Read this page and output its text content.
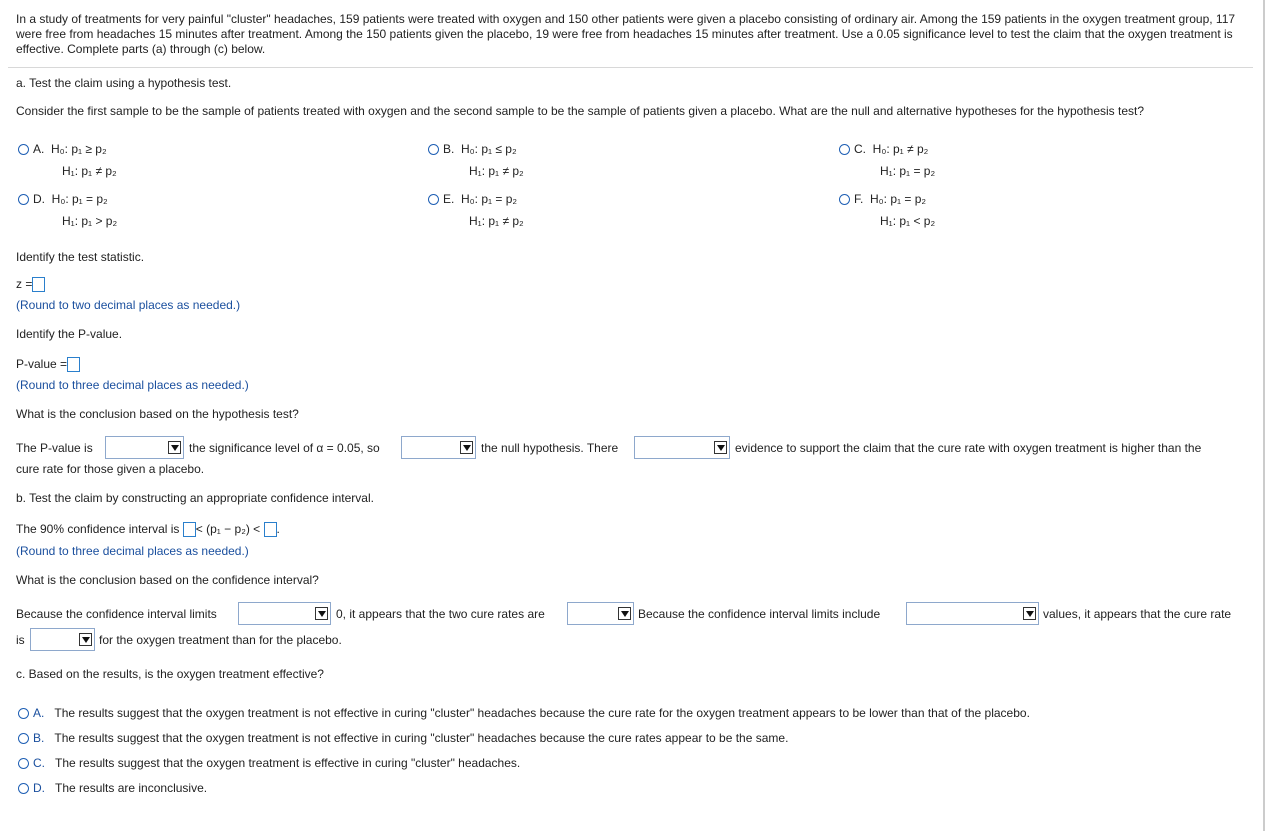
In a study of treatments for very painful "cluster" headaches, 159 patients were treated with oxygen and 150 other patients were given a placebo consisting of ordinary air. Among the 159 patients in the oxygen treatment group, 117 were free from headaches 15 minutes after treatment. Among the 150 patients given the placebo, 19 were free from headaches 15 minutes after treatment. Use a 0.05 significance level to test the claim that the oxygen treatment is effective. Complete parts (a) through (c) below.
a. Test the claim using a hypothesis test.
Consider the first sample to be the sample of patients treated with oxygen and the second sample to be the sample of patients given a placebo. What are the null and alternative hypotheses for the hypothesis test?
A. H₀: p₁ ≥ p₂
H₁: p₁ ≠ p₂
B. H₀: p₁ ≤ p₂
H₁: p₁ ≠ p₂
C. H₀: p₁ ≠ p₂
H₁: p₁ = p₂
D. H₀: p₁ = p₂
H₁: p₁ > p₂
E. H₀: p₁ = p₂
H₁: p₁ ≠ p₂
F. H₀: p₁ = p₂
H₁: p₁ < p₂
Identify the test statistic.
z =
(Round to two decimal places as needed.)
Identify the P-value.
P-value =
(Round to three decimal places as needed.)
What is the conclusion based on the hypothesis test?
The P-value is	the significance level of α = 0.05, so	the null hypothesis. There	evidence to support the claim that the cure rate with oxygen treatment is higher than the
cure rate for those given a placebo.
b. Test the claim by constructing an appropriate confidence interval.
The 90% confidence interval is < (p₁ − p₂) < .
(Round to three decimal places as needed.)
What is the conclusion based on the confidence interval?
Because the confidence interval limits	0, it appears that the two cure rates are	Because the confidence interval limits include	values, it appears that the cure rate
is	for the oxygen treatment than for the placebo.
c. Based on the results, is the oxygen treatment effective?
A. The results suggest that the oxygen treatment is not effective in curing "cluster" headaches because the cure rate for the oxygen treatment appears to be lower than that of the placebo.
B. The results suggest that the oxygen treatment is not effective in curing "cluster" headaches because the cure rates appear to be the same.
C. The results suggest that the oxygen treatment is effective in curing "cluster" headaches.
D. The results are inconclusive.
